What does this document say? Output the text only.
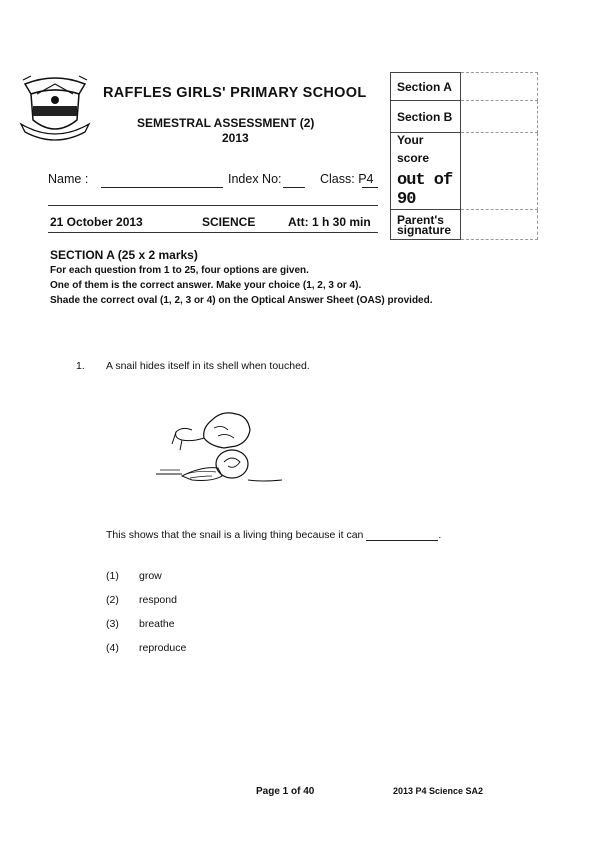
RAFFLES GIRLS' PRIMARY SCHOOL
SEMESTRAL ASSESSMENT (2)
2013
Name :	Index No:	Class: P4
21 October 2013	SCIENCE	Att: 1 h 30 min
Section A	
Section B	

Your
score
out of 90	

Parent's
signature	

SECTION A (25 x 2 marks)
For each question from 1 to 25, four options are given.
One of them is the correct answer. Make your choice (1, 2, 3 or 4).
Shade the correct oval (1, 2, 3 or 4) on the Optical Answer Sheet (OAS) provided.
1. A snail hides itself in its shell when touched.
This shows that the snail is a living thing because it can	.
(1) grow
(2) respond
(3) breathe
(4) reproduce
Page 1 of 40	2013 P4 Science SA2
